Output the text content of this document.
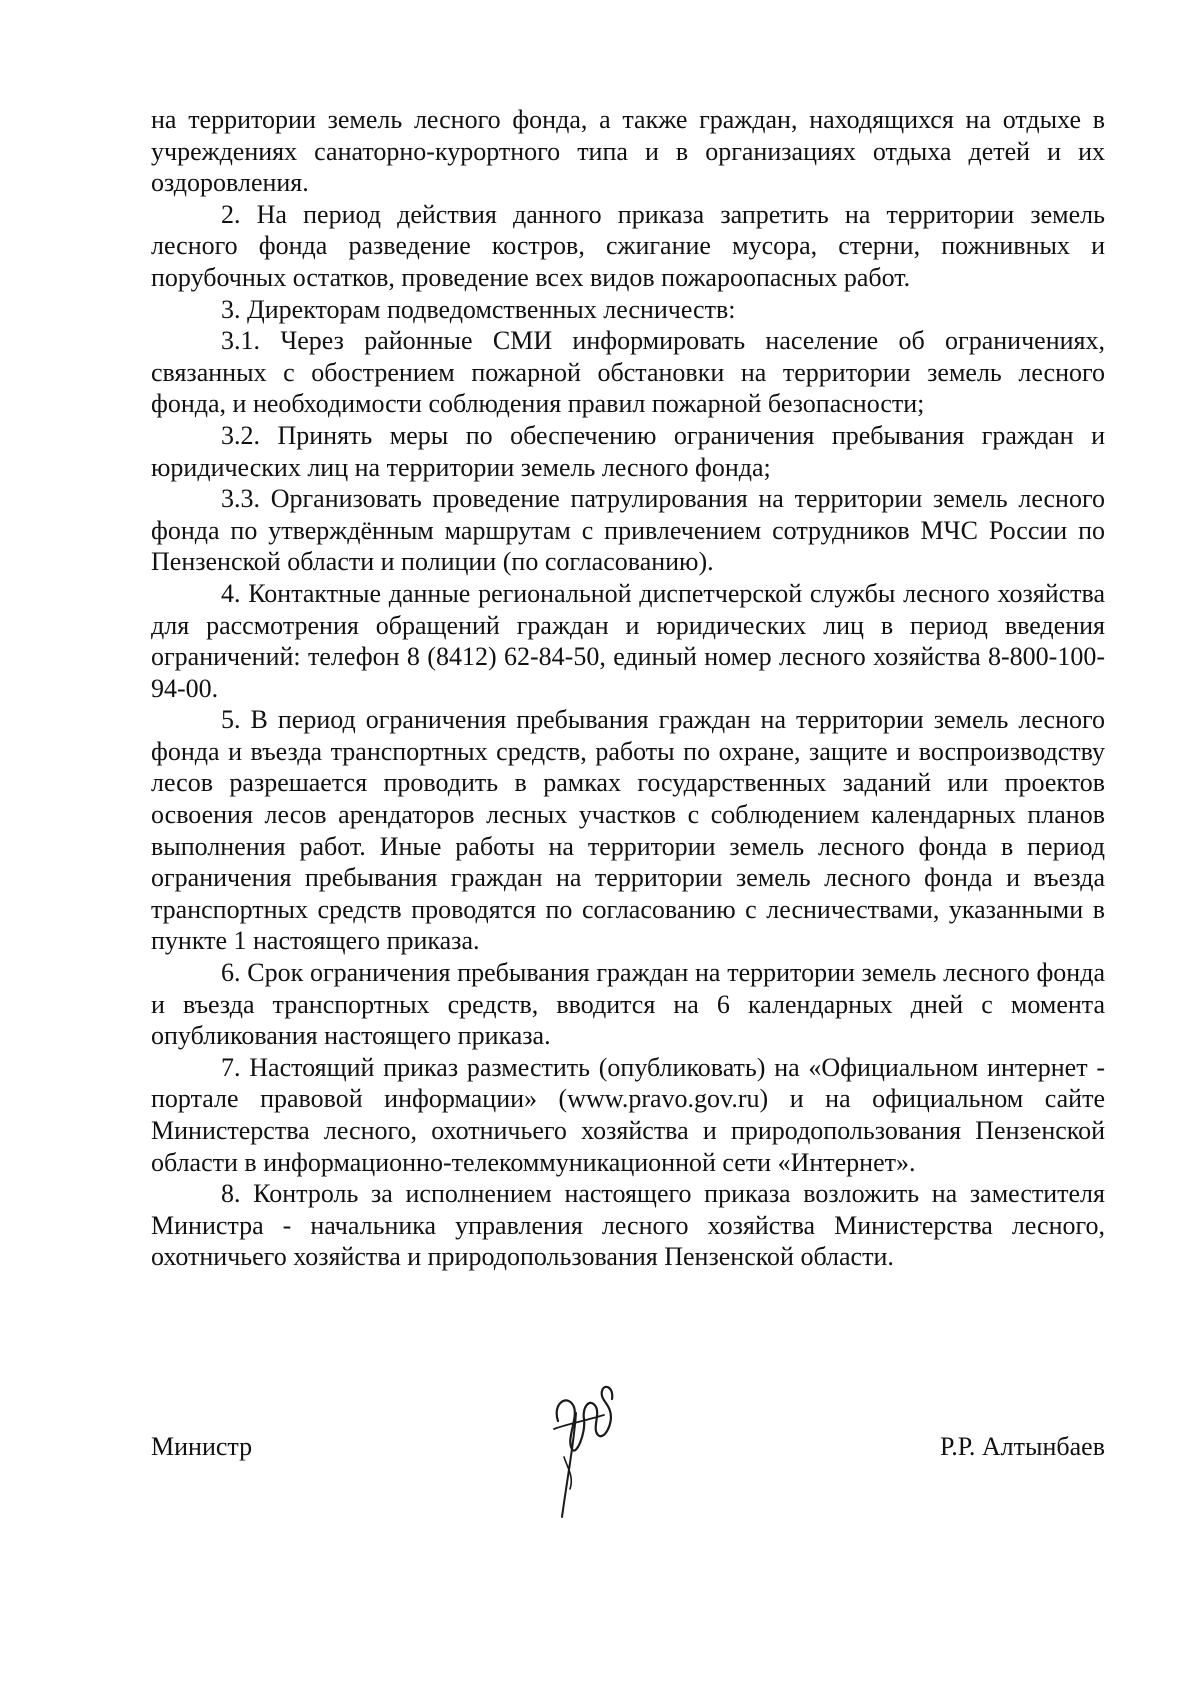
на территории земель лесного фонда, а также граждан, находящихся на отдыхе в учреждениях санаторно-курортного типа и в организациях отдыха детей и их оздоровления.

2. На период действия данного приказа запретить на территории земель лесного фонда разведение костров, сжигание мусора, стерни, пожнивных и порубочных остатков, проведение всех видов пожароопасных работ.

3. Директорам подведомственных лесничеств:

3.1. Через районные СМИ информировать население об ограничениях, связанных с обострением пожарной обстановки на территории земель лесного фонда, и необходимости соблюдения правил пожарной безопасности;

3.2. Принять меры по обеспечению ограничения пребывания граждан и юридических лиц на территории земель лесного фонда;

3.3. Организовать проведение патрулирования на территории земель лесного фонда по утверждённым маршрутам с привлечением сотрудников МЧС России по Пензенской области и полиции (по согласованию).

4. Контактные данные региональной диспетчерской службы лесного хозяйства для рассмотрения обращений граждан и юридических лиц в период введения ограничений: телефон 8 (8412) 62-84-50, единый номер лесного хозяйства 8-800-100-94-00.

5. В период ограничения пребывания граждан на территории земель лесного фонда и въезда транспортных средств, работы по охране, защите и воспроизводству лесов разрешается проводить в рамках государственных заданий или проектов освоения лесов арендаторов лесных участков с соблюдением календарных планов выполнения работ. Иные работы на территории земель лесного фонда в период ограничения пребывания граждан на территории земель лесного фонда и въезда транспортных средств проводятся по согласованию с лесничествами, указанными в пункте 1 настоящего приказа.

6. Срок ограничения пребывания граждан на территории земель лесного фонда и въезда транспортных средств, вводится на 6 календарных дней с момента опубликования настоящего приказа.

7. Настоящий приказ разместить (опубликовать) на «Официальном интернет - портале правовой информации» (www.pravo.gov.ru) и на официальном сайте Министерства лесного, охотничьего хозяйства и природопользования Пензенской области в информационно-телекоммуникационной сети «Интернет».

8. Контроль за исполнением настоящего приказа возложить на заместителя Министра - начальника управления лесного хозяйства Министерства лесного, охотничьего хозяйства и природопользования Пензенской области.

Министр	Р.Р. Алтынбаев
